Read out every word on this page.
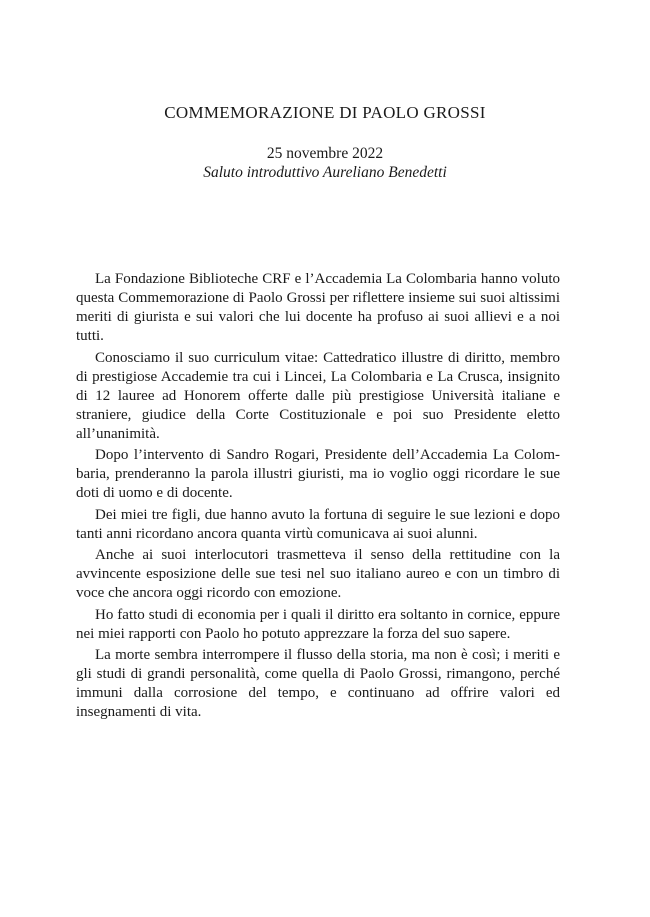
COMMEMORAZIONE DI PAOLO GROSSI
25 novembre 2022
Saluto introduttivo Aureliano Benedetti

La Fondazione Biblioteche CRF e l’Accademia La Colombaria hanno voluto questa Commemorazione di Paolo Grossi per riflettere insieme sui suoi altissimi meriti di giurista e sui valori che lui docente ha profuso ai suoi allievi e a noi tutti.

Conosciamo il suo curriculum vitae: Cattedratico illustre di diritto, membro di prestigiose Accademie tra cui i Lincei, La Colombaria e La Crusca, insignito di 12 lauree ad Honorem offerte dalle più prestigiose Università italiane e straniere, giudice della Corte Costituzionale e poi suo Presidente eletto all’unanimità.

Dopo l’intervento di Sandro Rogari, Presidente dell’Accademia La Colombaria, prenderanno la parola illustri giuristi, ma io voglio oggi ricordare le sue doti di uomo e di docente.

Dei miei tre figli, due hanno avuto la fortuna di seguire le sue lezioni e dopo tanti anni ricordano ancora quanta virtù comunicava ai suoi alunni.

Anche ai suoi interlocutori trasmetteva il senso della rettitudine con la avvincente esposizione delle sue tesi nel suo italiano aureo e con un timbro di voce che ancora oggi ricordo con emozione.

Ho fatto studi di economia per i quali il diritto era soltanto in cornice, eppure nei miei rapporti con Paolo ho potuto apprezzare la forza del suo sapere.

La morte sembra interrompere il flusso della storia, ma non è così; i meriti e gli studi di grandi personalità, come quella di Paolo Grossi, rimangono, perché immuni dalla corrosione del tempo, e continuano ad offrire valori ed insegnamenti di vita.
